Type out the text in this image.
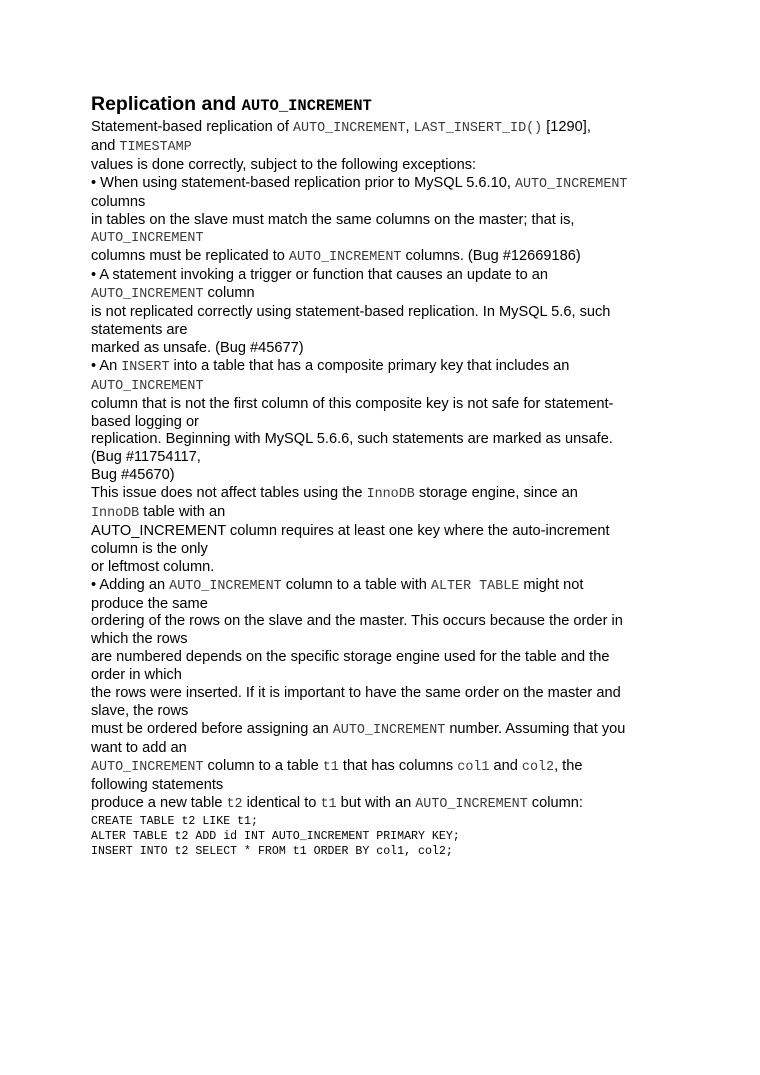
Replication and AUTO_INCREMENT
Statement-based replication of AUTO_INCREMENT, LAST_INSERT_ID() [1290],
and TIMESTAMP
values is done correctly, subject to the following exceptions:
• When using statement-based replication prior to MySQL 5.6.10, AUTO_INCREMENT
columns
in tables on the slave must match the same columns on the master; that is,
AUTO_INCREMENT
columns must be replicated to AUTO_INCREMENT columns. (Bug #12669186)
• A statement invoking a trigger or function that causes an update to an
AUTO_INCREMENT column
is not replicated correctly using statement-based replication. In MySQL 5.6, such
statements are
marked as unsafe. (Bug #45677)
• An INSERT into a table that has a composite primary key that includes an
AUTO_INCREMENT
column that is not the first column of this composite key is not safe for statement-
based logging or
replication. Beginning with MySQL 5.6.6, such statements are marked as unsafe.
(Bug #11754117,
Bug #45670)
This issue does not affect tables using the InnoDB storage engine, since an
InnoDB table with an
AUTO_INCREMENT column requires at least one key where the auto-increment
column is the only
or leftmost column.
• Adding an AUTO_INCREMENT column to a table with ALTER TABLE might not
produce the same
ordering of the rows on the slave and the master. This occurs because the order in
which the rows
are numbered depends on the specific storage engine used for the table and the
order in which
the rows were inserted. If it is important to have the same order on the master and
slave, the rows
must be ordered before assigning an AUTO_INCREMENT number. Assuming that you
want to add an
AUTO_INCREMENT column to a table t1 that has columns col1 and col2, the
following statements
produce a new table t2 identical to t1 but with an AUTO_INCREMENT column:
CREATE TABLE t2 LIKE t1;
ALTER TABLE t2 ADD id INT AUTO_INCREMENT PRIMARY KEY;
INSERT INTO t2 SELECT * FROM t1 ORDER BY col1, col2;
